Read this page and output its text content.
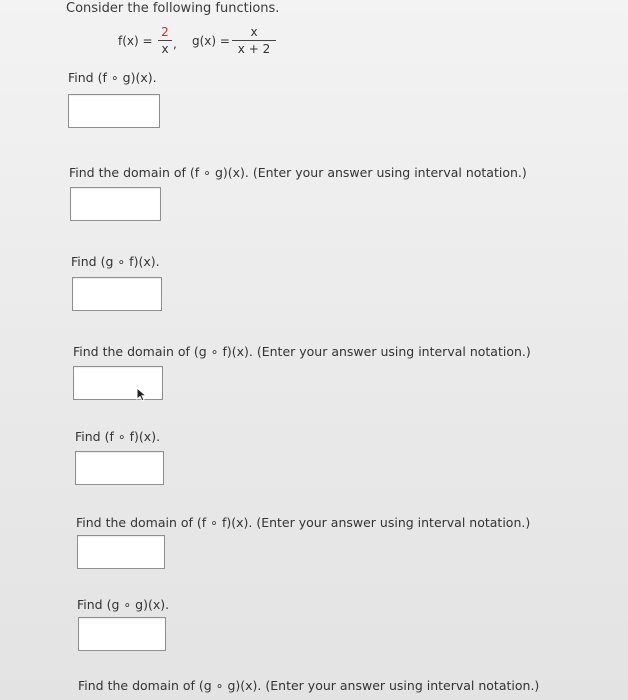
Consider the following functions.
f(x) =
2
x , g(x) =
x
x + 2
Find (f ∘ g)(x).
Find the domain of (f ∘ g)(x). (Enter your answer using interval notation.)
Find (g ∘ f)(x).
Find the domain of (g ∘ f)(x). (Enter your answer using interval notation.)
Find (f ∘ f)(x).
Find the domain of (f ∘ f)(x). (Enter your answer using interval notation.)
Find (g ∘ g)(x).
Find the domain of (g ∘ g)(x). (Enter your answer using interval notation.)
